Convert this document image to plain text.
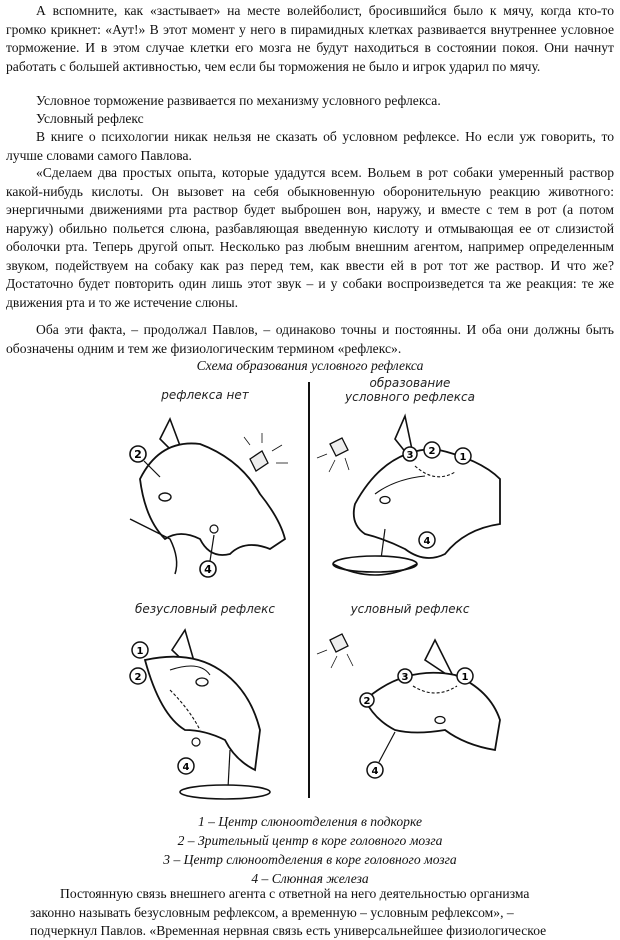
А вспомните, как «застывает» на месте волейболист, бросившийся было к мячу, когда кто-то громко крикнет: «Аут!» В этот момент у него в пирамидных клетках развивается внутреннее условное торможение. И в этом случае клетки его мозга не будут находиться в состоянии покоя. Они начнут работать с большей активностью, чем если бы торможения не было и игрок ударил по мячу.

Условное торможение развивается по механизму условного рефлекса.

Условный рефлекс

В книге о психологии никак нельзя не сказать об условном рефлексе. Но если уж говорить, то лучше словами самого Павлова.

«Сделаем два простых опыта, которые удадутся всем. Вольем в рот собаки умеренный раствор какой-нибудь кислоты. Он вызовет на себя обыкновенную оборонительную реакцию животного: энергичными движениями рта раствор будет выброшен вон, наружу, и вместе с тем в рот (а потом наружу) обильно польется слюна, разбавляющая введенную кислоту и отмывающая ее от слизистой оболочки рта. Теперь другой опыт. Несколько раз любым внешним агентом, например определенным звуком, подействуем на собаку как раз перед тем, как ввести ей в рот тот же раствор. И что же? Достаточно будет повторить один лишь этот звук – и у собаки воспроизведется та же реакция: те же движения рта и то же истечение слюны.

Оба эти факта, – продолжал Павлов, – одинаково точны и постоянны. И оба они должны быть обозначены одним и тем же физиологическим термином «рефлекс».

Схема образования условного рефлекса

рефлекса нет
2
4
образование
условного рефлекса
3 2
1
4
безусловный рефлекс
1
2
4
условный рефлекс
3	1
2
4

1 – Центр слюноотделения в подкорке

2 – Зрительный центр в коре головного мозга

3 – Центр слюноотделения в коре головного мозга

4 – Слюнная железа

Постоянную связь внешнего агента с ответной на него деятельностью организма

законно называть безусловным рефлексом, а временную – условным рефлексом», –

подчеркнул Павлов. «Временная нервная связь есть универсальнейшее физиологическое
